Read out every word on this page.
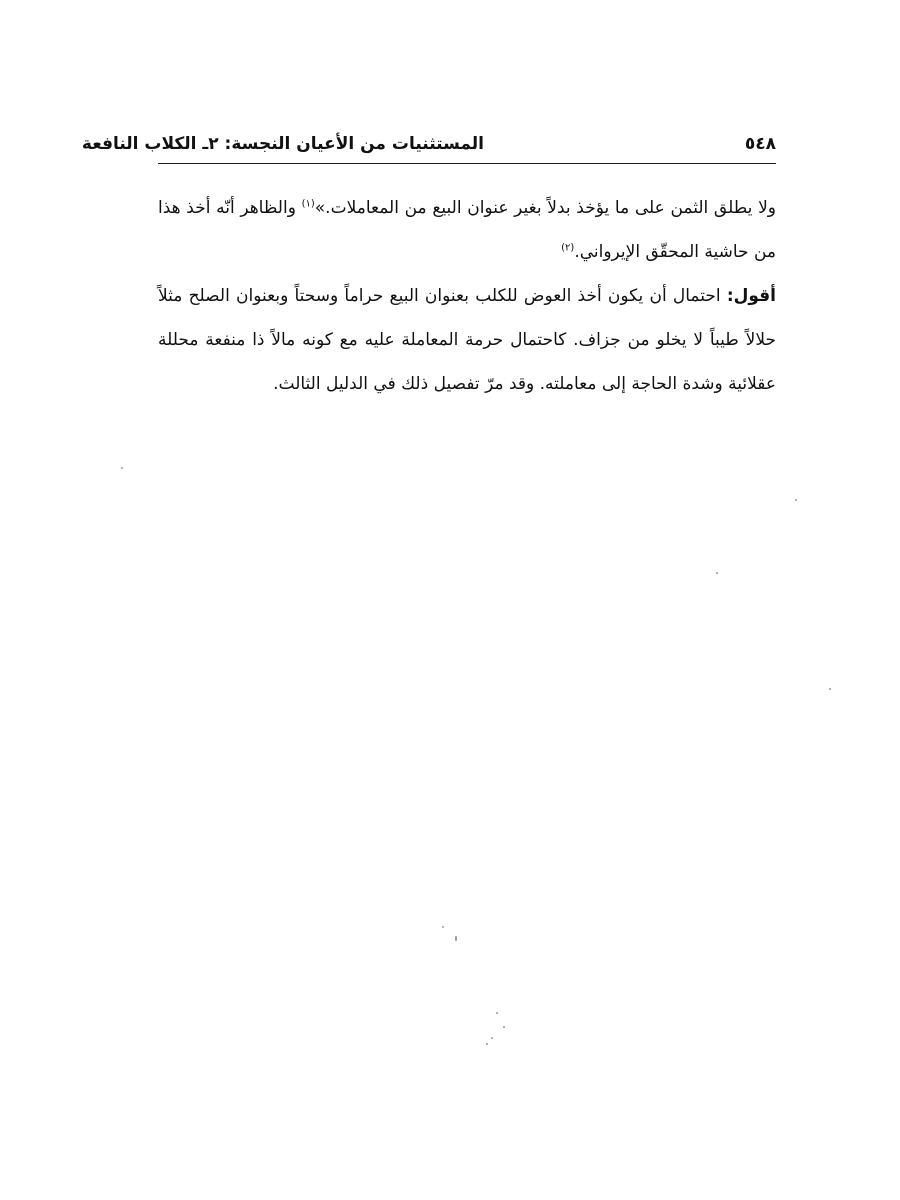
٥٤٨
المستثنيات من الأعيان النجسة: ٢ـ الكلاب النافعة

ولا يطلق الثمن على ما يؤخذ بدلاً بغير عنوان البيع من المعاملات.»$^{(١)}$ والظاهر أنّه أخذ هذا من حاشية المحقّق الإيرواني.$^{(٢)}$

أقول: احتمال أن يكون أخذ العوض للكلب بعنوان البيع حراماً وسحتاً وبعنوان الصلح مثلاً حلالاً طيباً لا يخلو من جزاف. كاحتمال حرمة المعاملة عليه مع كونه مالاً ذا منفعة محللة عقلائية وشدة الحاجة إلى معاملته. وقد مرّ تفصيل ذلك في الدليل الثالث.
